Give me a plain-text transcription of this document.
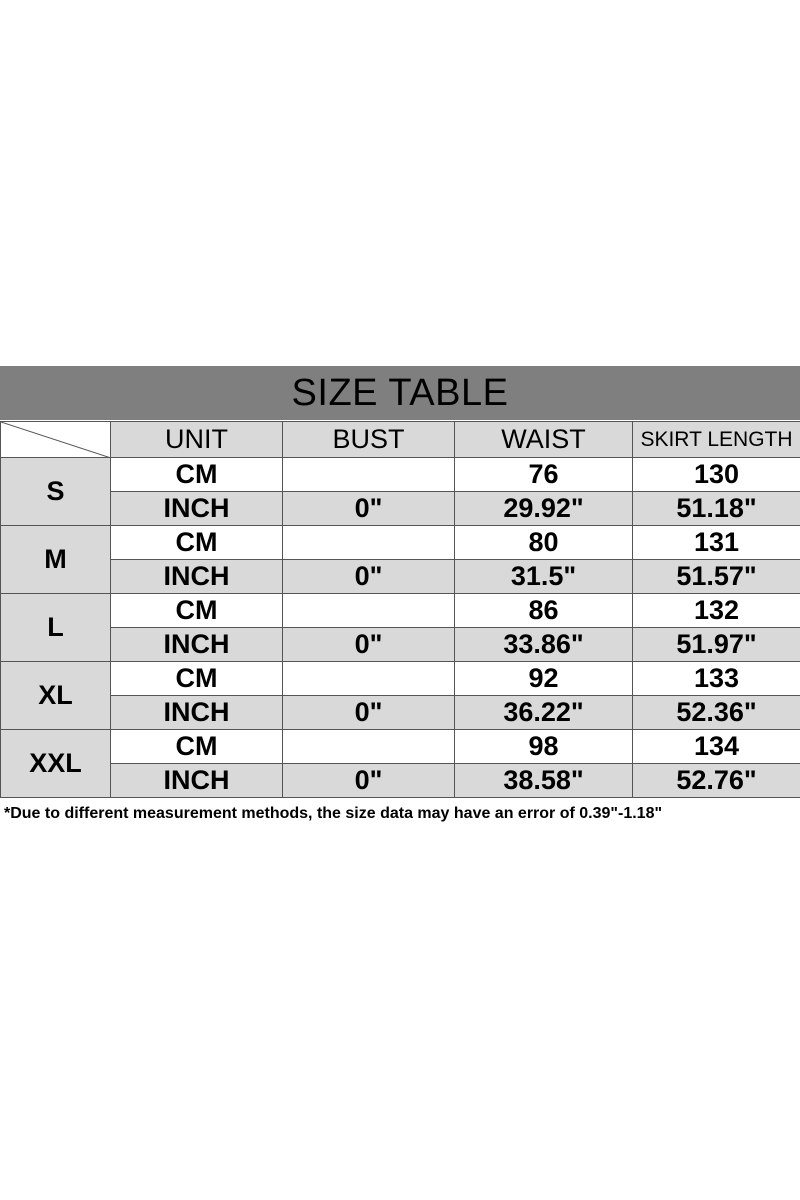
SIZE TABLE
	UNIT	BUST	WAIST	SKIRT LENGTH
S	CM		76	130
	INCH	0"	29.92"	51.18"
M	CM		80	131
	INCH	0"	31.5"	51.57"
L	CM		86	132
	INCH	0"	33.86"	51.97"
XL	CM		92	133
	INCH	0"	36.22"	52.36"
XXL	CM		98	134
	INCH	0"	38.58"	52.76"
*Due to different measurement methods, the size data may have an error of 0.39"-1.18"
